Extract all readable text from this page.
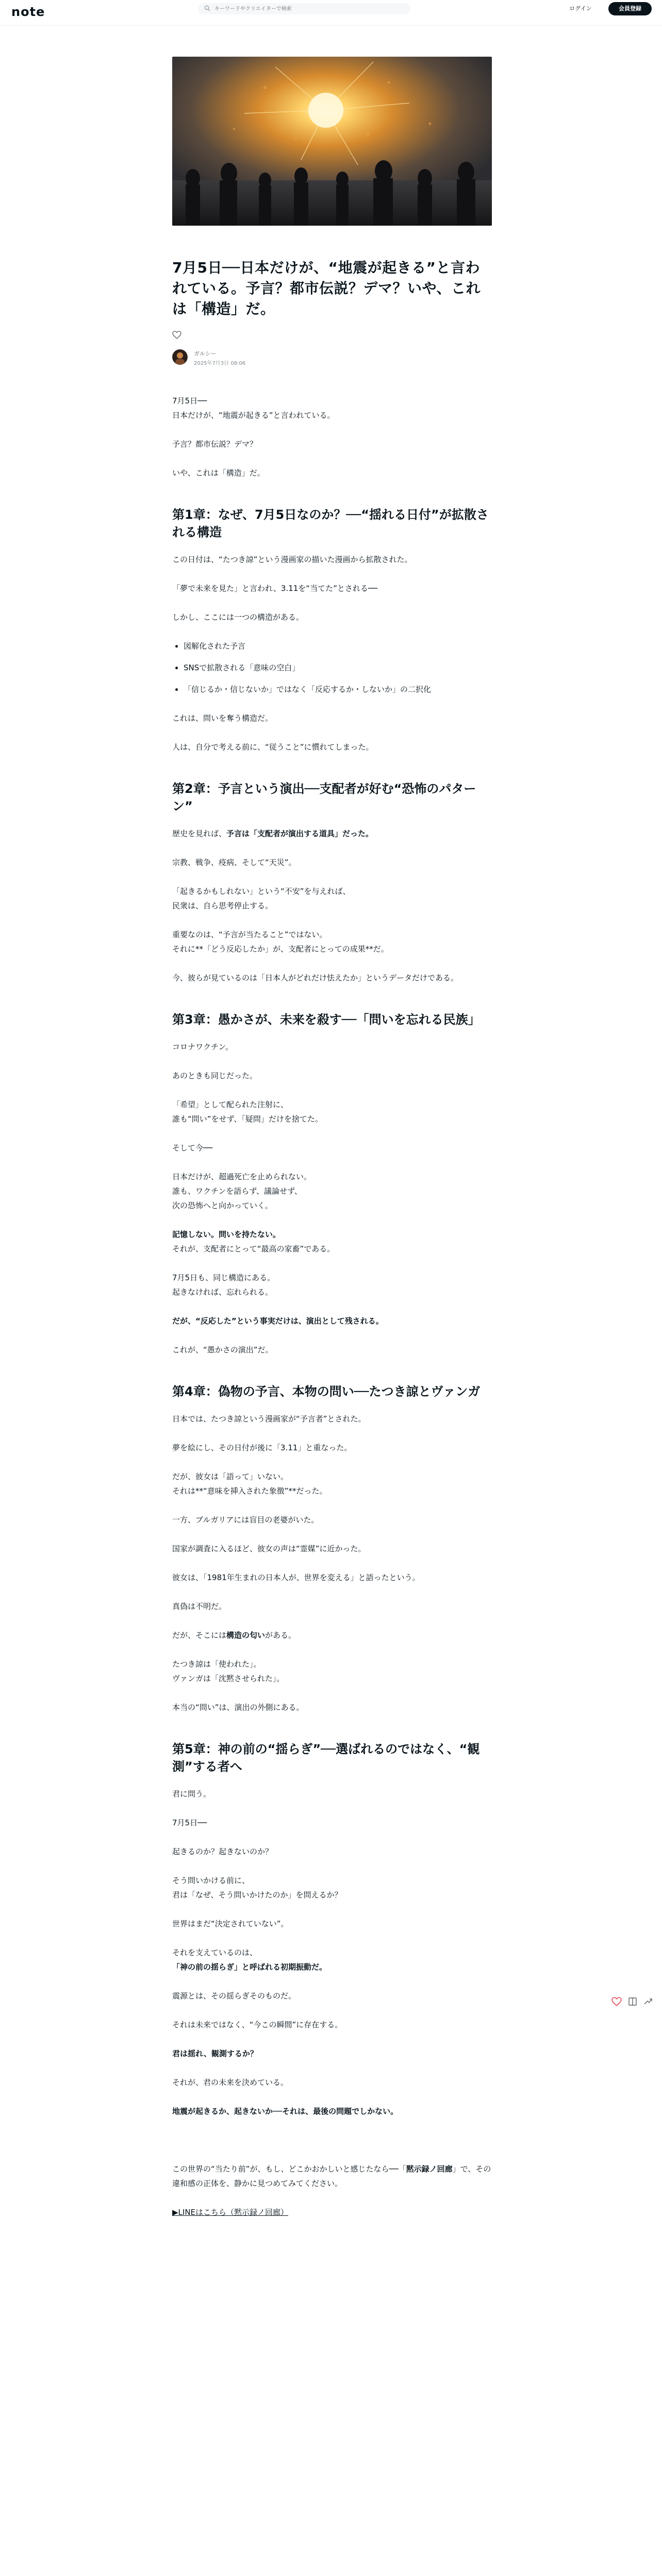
note
キーワードやクリエイターで検索	ログイン	会員登録
7月5日──日本だけが、“地震が起きる”と言われている。予言？都市伝説？デマ？いや、これは「構造」だ。
ガルシー
2025年7月3日 08:06

7月5日──

日本だけが、“地震が起きる”と言われている。

予言？都市伝説？デマ？

いや、これは「構造」だ。

第1章：なぜ、7月5日なのか？──“揺れる日付”が拡散される構造

この日付は、“たつき諒”という漫画家の描いた漫画から拡散された。

「夢で未来を見た」と言われ、3.11を“当てた”とされる──

しかし、ここには一つの構造がある。

• 図解化された予言
• SNSで拡散される「意味の空白」
• 「信じるか・信じないか」ではなく「反応するか・しないか」の二択化

これは、問いを奪う構造だ。

人は、自分で考える前に、“従うこと”に慣れてしまった。

第2章：予言という演出──支配者が好む“恐怖のパターン”

歴史を見れば、予言は「支配者が演出する道具」だった。

宗教、戦争、疫病、そして“天災”。

「起きるかもしれない」という“不安”を与えれば、

民衆は、自ら思考停止する。

重要なのは、“予言が当たること”ではない。

それに**「どう反応したか」が、支配者にとっての成果**だ。

今、彼らが見ているのは「日本人がどれだけ怯えたか」というデータだけである。

第3章：愚かさが、未来を殺す──「問いを忘れる民族」

コロナワクチン。

あのときも同じだった。

「希望」として配られた注射に、

誰も“問い”をせず、「疑問」だけを捨てた。

そして今──

日本だけが、超過死亡を止められない。

誰も、ワクチンを語らず、議論せず、

次の恐怖へと向かっていく。

記憶しない。問いを持たない。

それが、支配者にとって“最高の家畜”である。

7月5日も、同じ構造にある。

起きなければ、忘れられる。

だが、“反応した”という事実だけは、演出として残される。

これが、“愚かさの演出”だ。

第4章：偽物の予言、本物の問い──たつき諒とヴァンガ

日本では、たつき諒という漫画家が“予言者”とされた。

夢を絵にし、その日付が後に「3.11」と重なった。

だが、彼女は「語って」いない。

それは**“意味を挿入された象徴”**だった。

一方、ブルガリアには盲目の老婆がいた。

国家が調査に入るほど、彼女の声は“霊媒”に近かった。

彼女は、「1981年生まれの日本人が、世界を変える」と語ったという。

真偽は不明だ。

だが、そこには構造の匂いがある。

たつき諒は「使われた」。

ヴァンガは「沈黙させられた」。

本当の“問い”は、演出の外側にある。

第5章：神の前の“揺らぎ”──選ばれるのではなく、“観測”する者へ

君に問う。

7月5日──

起きるのか？起きないのか？

そう問いかける前に、

君は「なぜ、そう問いかけたのか」を問えるか？

世界はまだ“決定されていない”。

それを支えているのは、

「神の前の揺らぎ」と呼ばれる初期振動だ。

震源とは、その揺らぎそのものだ。

それは未来ではなく、“今この瞬間”に存在する。

君は揺れ、観測するか？

それが、君の未来を決めている。

地震が起きるか、起きないか──それは、最後の問題でしかない。

この世界の“当たり前”が、もし、どこかおかしいと感じたなら──「黙示録ノ回廊」で、その違和感の正体を、静かに見つめてみてください。

▶LINEはこちら（黙示録ノ回廊）
